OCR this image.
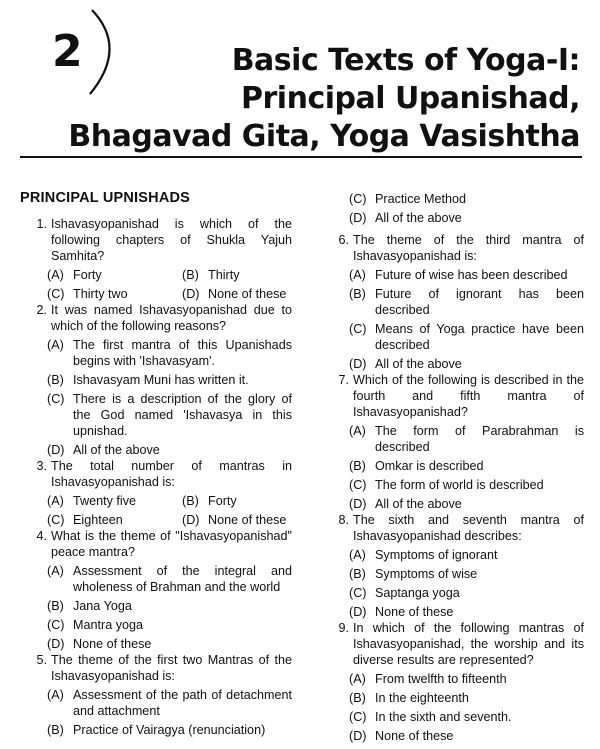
2	Basic Texts of Yoga-I:
Principal Upanishad,
Bhagavad Gita, Yoga Vasishtha
PRINCIPAL UPNISHADS
1. Ishavasyopanishad is which of the following chapters of Shukla Yajuh Samhita?
(A) Forty	(B) Thirty
(C) Thirty two	(D) None of these
2. It was named Ishavasyopanishad due to which of the following reasons?
(A) The first mantra of this Upanishads begins with 'Ishavasyam'.
(B) Ishavasyam Muni has written it.
(C) There is a description of the glory of the God named 'Ishavasya in this upnishad.
(D) All of the above
3. The total number of mantras in Ishavasyopanishad is:
(A) Twenty five	(B) Forty
(C) Eighteen	(D) None of these
4. What is the theme of "Ishavasyopanishad" peace mantra?
(A) Assessment of the integral and wholeness of Brahman and the world
(B) Jana Yoga
(C) Mantra yoga
(D) None of these
5. The theme of the first two Mantras of the Ishavasyopanishad is:
(A) Assessment of the path of detachment and attachment
(B) Practice of Vairagya (renunciation)
(C) Practice Method
(D) All of the above
6. The theme of the third mantra of Ishavasyopanishad is:
(A) Future of wise has been described
(B) Future of ignorant has been described
(C) Means of Yoga practice have been described
(D) All of the above
7. Which of the following is described in the fourth and fifth mantra of Ishavasyopanishad?
(A) The form of Parabrahman is described
(B) Omkar is described
(C) The form of world is described
(D) All of the above
8. The sixth and seventh mantra of Ishavasyopanishad describes:
(A) Symptoms of ignorant
(B) Symptoms of wise
(C) Saptanga yoga
(D) None of these
9. In which of the following mantras of Ishavasyopanishad, the worship and its diverse results are represented?
(A) From twelfth to fifteenth
(B) In the eighteenth
(C) In the sixth and seventh.
(D) None of these
